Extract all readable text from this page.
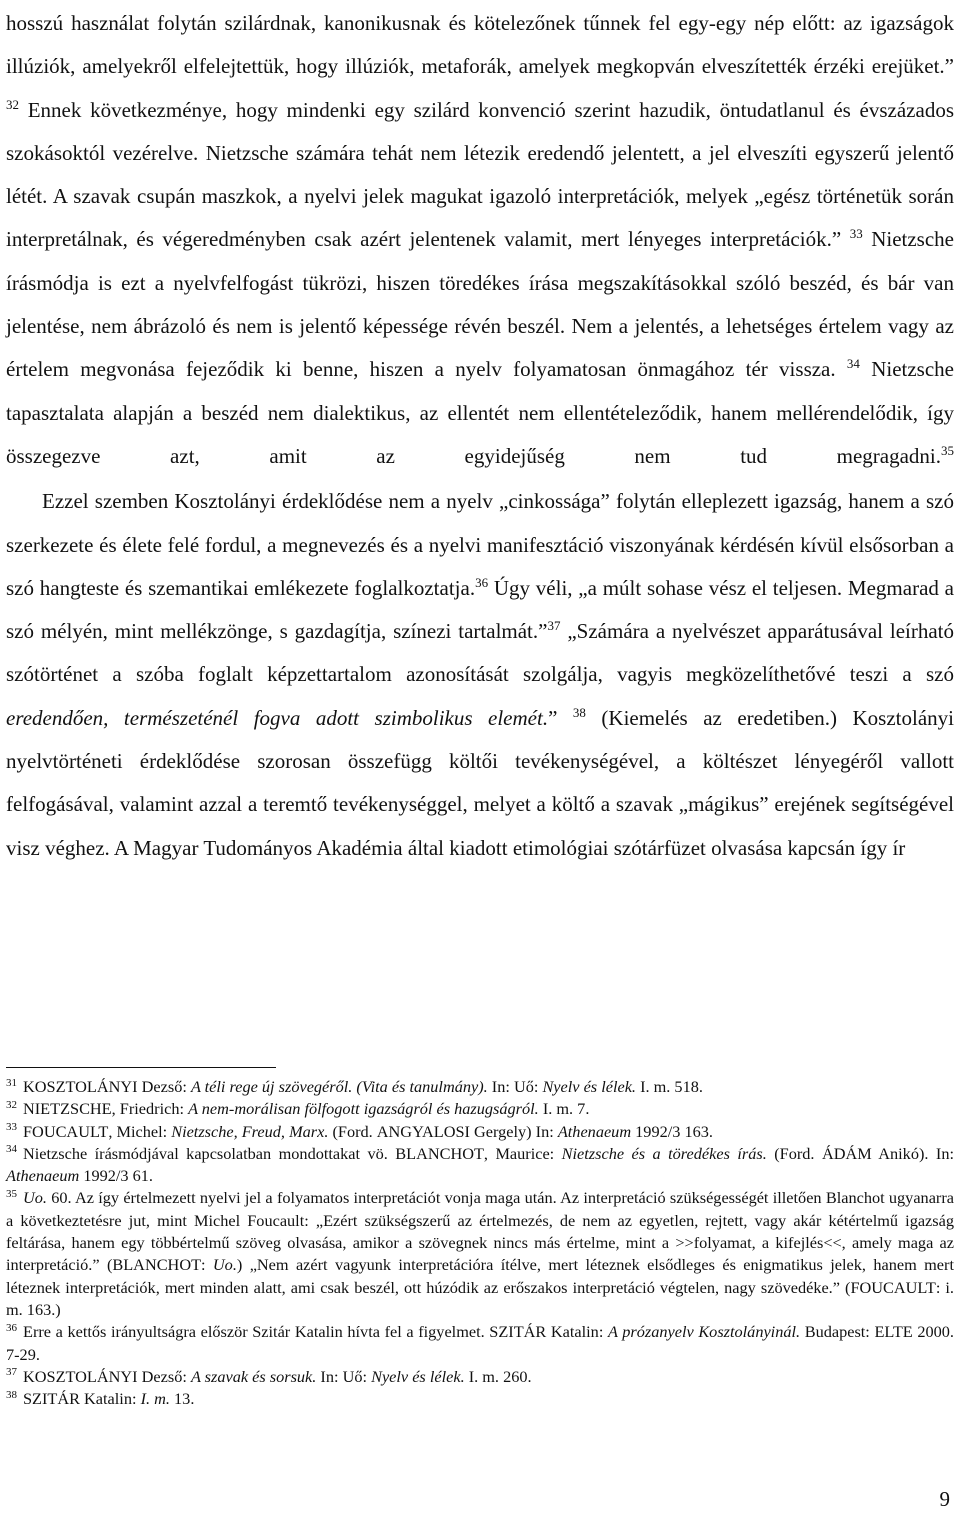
hosszú használat folytán szilárdnak, kanonikusnak és kötelezőnek tűnnek fel egy-egy nép előtt: az igazságok illúziók, amelyekről elfelejtettük, hogy illúziók, metaforák, amelyek megkopván elveszítették érzéki erejüket.” $^{32}$ Ennek következménye, hogy mindenki egy szilárd konvenció szerint hazudik, öntudatlanul és évszázados szokásoktól vezérelve. Nietzsche számára tehát nem létezik eredendő jelentett, a jel elveszíti egyszerű jelentő létét. A szavak csupán maszkok, a nyelvi jelek magukat igazoló interpretációk, melyek „egész történetük során interpretálnak, és végeredményben csak azért jelentenek valamit, mert lényeges interpretációk.” $^{33}$ Nietzsche írásmódja is ezt a nyelvfelfogást tükrözi, hiszen töredékes írása megszakításokkal szóló beszéd, és bár van jelentése, nem ábrázoló és nem is jelentő képessége révén beszél. Nem a jelentés, a lehetséges értelem vagy az értelem megvonása fejeződik ki benne, hiszen a nyelv folyamatosan önmagához tér vissza. $^{34}$ Nietzsche tapasztalata alapján a beszéd nem dialektikus, az ellentét nem ellentételeződik, hanem mellérendelődik, így összegezve azt, amit az egyidejűség nem tud megragadni.$^{35}$

Ezzel szemben Kosztolányi érdeklődése nem a nyelv „cinkossága” folytán elleplezett igazság, hanem a szó szerkezete és élete felé fordul, a megnevezés és a nyelvi manifesztáció viszonyának kérdésén kívül elsősorban a szó hangteste és szemantikai emlékezete foglalkoztatja.$^{36}$ Úgy véli, „a múlt sohase vész el teljesen. Megmarad a szó mélyén, mint mellékzönge, s gazdagítja, színezi tartalmát.”$^{37}$ „Számára a nyelvészet apparátusával leírható szótörténet a szóba foglalt képzettartalom azonosítását szolgálja, vagyis megközelíthetővé teszi a szó eredendően, természeténél fogva adott szimbolikus elemét.” $^{38}$ (Kiemelés az eredetiben.) Kosztolányi nyelvtörténeti érdeklődése szorosan összefügg költői tevékenységével, a költészet lényegéről vallott felfogásával, valamint azzal a teremtő tevékenységgel, melyet a költő a szavak „mágikus” erejének segítségével visz véghez. A Magyar Tudományos Akadémia által kiadott etimológiai szótárfüzet olvasása kapcsán így ír

$^{31}$ KOSZTOLÁNYI Dezső: A téli rege új szövegéről. (Vita és tanulmány). In: Uő: Nyelv és lélek. I. m. 518.

$^{32}$ NIETZSCHE, Friedrich: A nem-morálisan fölfogott igazságról és hazugságról. I. m. 7.

$^{33}$ FOUCAULT, Michel: Nietzsche, Freud, Marx. (Ford. ANGYALOSI Gergely) In: Athenaeum 1992/3 163.

$^{34}$ Nietzsche írásmódjával kapcsolatban mondottakat vö. BLANCHOT, Maurice: Nietzsche és a töredékes írás. (Ford. ÁDÁM Anikó). In: Athenaeum 1992/3 61.

$^{35}$ Uo. 60. Az így értelmezett nyelvi jel a folyamatos interpretációt vonja maga után. Az interpretáció szükségességét illetően Blanchot ugyanarra a következtetésre jut, mint Michel Foucault: „Ezért szükségszerű az értelmezés, de nem az egyetlen, rejtett, vagy akár kétértelmű igazság feltárása, hanem egy többértelmű szöveg olvasása, amikor a szövegnek nincs más értelme, mint a >>folyamat, a kifejlés<<, amely maga az interpretáció.” (BLANCHOT: Uo.) „Nem azért vagyunk interpretációra ítélve, mert léteznek elsődleges és enigmatikus jelek, hanem mert léteznek interpretációk, mert minden alatt, ami csak beszél, ott húzódik az erőszakos interpretáció végtelen, nagy szövedéke.” (FOUCAULT: i. m. 163.)

$^{36}$ Erre a kettős irányultságra először Szitár Katalin hívta fel a figyelmet. SZITÁR Katalin: A prózanyelv Kosztolányinál. Budapest: ELTE 2000. 7-29.

$^{37}$ KOSZTOLÁNYI Dezső: A szavak és sorsuk. In: Uő: Nyelv és lélek. I. m. 260.

$^{38}$ SZITÁR Katalin: I. m. 13.

9
